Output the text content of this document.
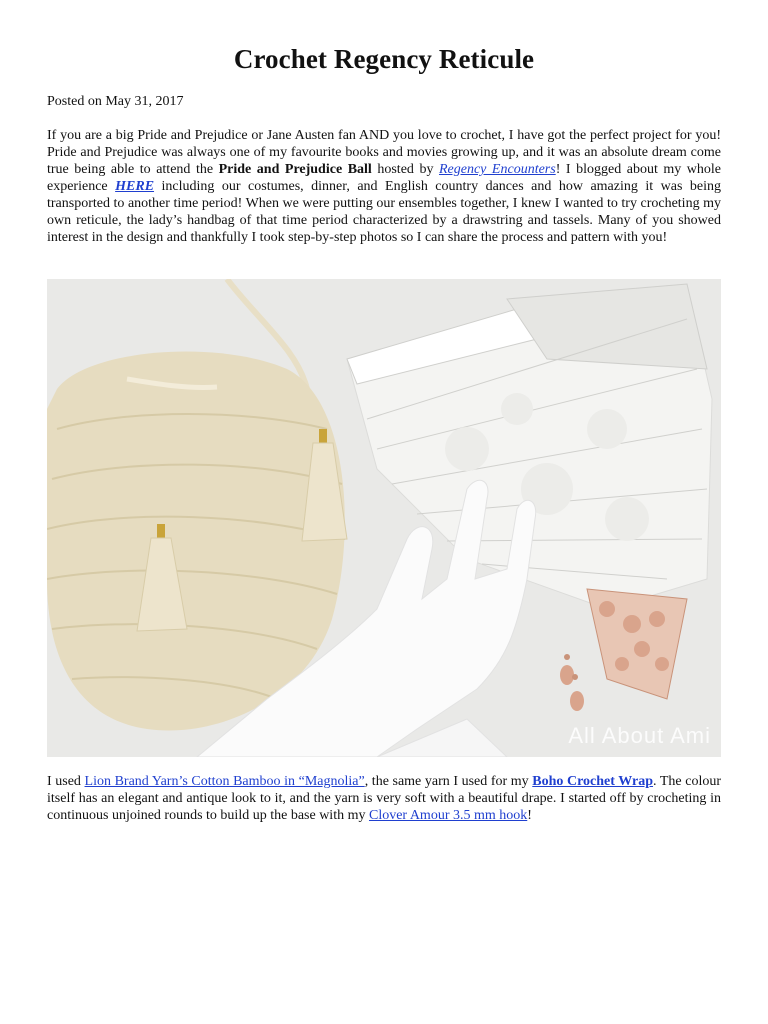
Crochet Regency Reticule
Posted on May 31, 2017

If you are a big Pride and Prejudice or Jane Austen fan AND you love to crochet, I have got the perfect project for you! Pride and Prejudice was always one of my favourite books and movies growing up, and it was an absolute dream come true being able to attend the Pride and Prejudice Ball hosted by Regency Encounters! I blogged about my whole experience HERE including our costumes, dinner, and English country dances and how amazing it was being transported to another time period! When we were putting our ensembles together, I knew I wanted to try crocheting my own reticule, the lady’s handbag of that time period characterized by a drawstring and tassels. Many of you showed interest in the design and thankfully I took step-by-step photos so I can share the process and pattern with you!

All About Ami

I used Lion Brand Yarn’s Cotton Bamboo in “Magnolia”, the same yarn I used for my Boho Crochet Wrap. The colour itself has an elegant and antique look to it, and the yarn is very soft with a beautiful drape. I started off by crocheting in continuous unjoined rounds to build up the base with my Clover Amour 3.5 mm hook!
